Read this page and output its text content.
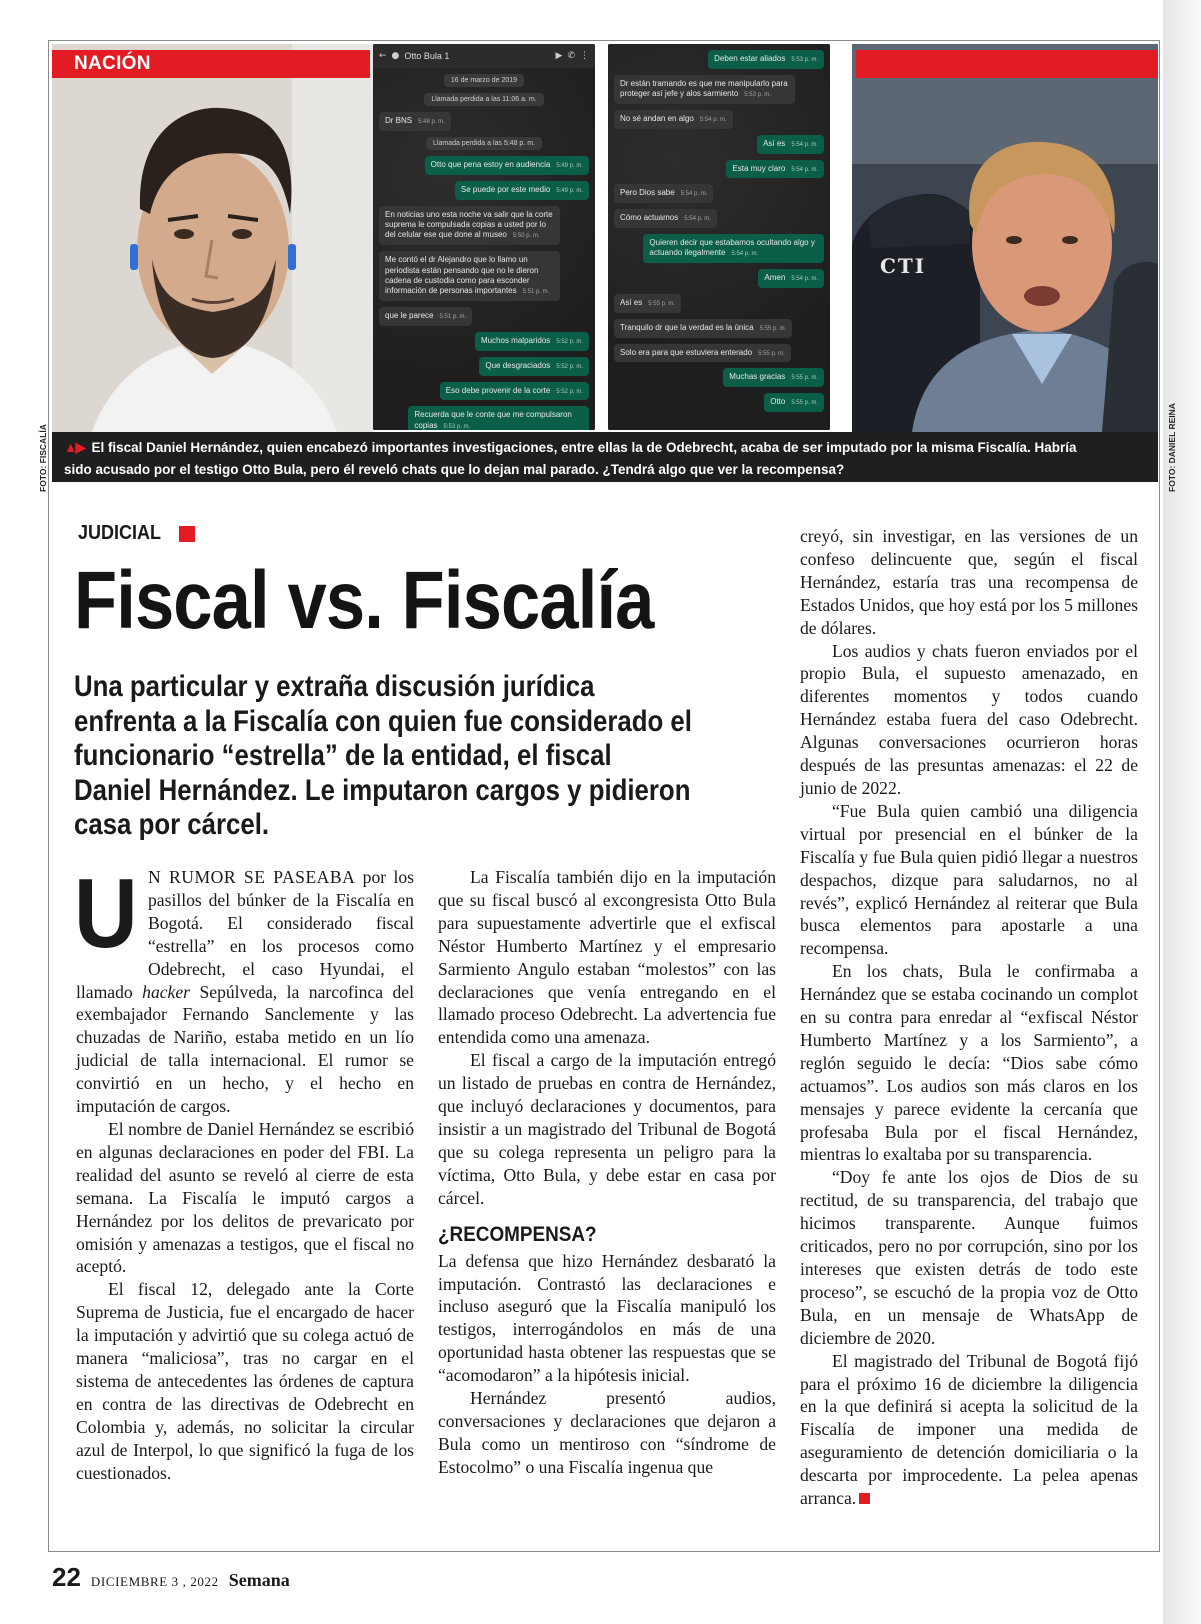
NACIÓN	← ● Otto Bula 1	▶ ✆ ⋮
16 de marzo de 2019
Llamada perdida a las 11:06 a. m.
Dr BNS 5:48 p. m.
Llamada perdida a las 5:48 p. m.
Otto que pena estoy en audiencia 5:49 p. m.
Se puede por este medio 5:49 p. m.
En noticias uno esta noche va salir que la corte suprema le compulsada copias a usted por lo del celular ese que done al museo 5:50 p. m.
Me contó el dr Alejandro que lo llamo un periodista están pensando que no le dieron cadena de custodia como para esconder información de personas importantes 5:51 p. m.
que le parece 5:51 p. m.
Muchos malparidos 5:52 p. m.
Que desgraciados 5:52 p. m.
Eso debe provenir de la corte 5:52 p. m.
Recuerda que le conte que me compulsaron copias 5:53 p. m.
Deben estar aliados 5:53 p. m.
Dr están tramando es que me manipularlo para proteger así jefe y alos sarmiento 5:53 p. m.
No sé andan en algo 5:54 p. m.
Así es 5:54 p. m.
Esta muy claro 5:54 p. m.
Pero Dios sabe 5:54 p. m.
Cómo actuamos 5:54 p. m.
Quieren decir que estabamos ocultando algo y actuando ilegalmente 5:54 p. m.
Amen 5:54 p. m.
Así es 5:55 p. m.
Tranquilo dr que la verdad es la única 5:55 p. m.
Solo era para que estuviera enterado 5:55 p. m.
Muchas gracias 5:55 p. m.
Otto 5:55 p. m.
CTI
▲▶ El fiscal Daniel Hernández, quien encabezó importantes investigaciones, entre ellas la de Odebrecht, acaba de ser imputado por la misma Fiscalía. Habría sido acusado por el testigo Otto Bula, pero él reveló chats que lo dejan mal parado. ¿Tendrá algo que ver la recompensa?
FOTO: FISCALÍA	FOTO: DANIEL REINA
JUDICIAL
Fiscal vs. Fiscalía
Una particular y extraña discusión jurídica enfrenta a la Fiscalía con quien fue considerado el funcionario “estrella” de la entidad, el fiscal Daniel Hernández. Le imputaron cargos y pidieron casa por cárcel.

U N RUMOR SE PASEABA por los pasillos del búnker de la Fiscalía en Bogotá. El considerado fiscal “estrella” en los procesos como Odebrecht, el caso Hyundai, el llamado hacker Sepúlveda, la narcofinca del exembajador Fernando Sanclemente y las chuzadas de Nariño, estaba metido en un lío judicial de talla internacional. El rumor se convirtió en un hecho, y el hecho en imputación de cargos.

El nombre de Daniel Hernández se escribió en algunas declaraciones en poder del FBI. La realidad del asunto se reveló al cierre de esta semana. La Fiscalía le imputó cargos a Hernández por los delitos de prevaricato por omisión y amenazas a testigos, que el fiscal no aceptó.

El fiscal 12, delegado ante la Corte Suprema de Justicia, fue el encargado de hacer la imputación y advirtió que su colega actuó de manera “maliciosa”, tras no cargar en el sistema de antecedentes las órdenes de captura en contra de las directivas de Odebrecht en Colombia y, además, no solicitar la circular azul de Interpol, lo que significó la fuga de los cuestionados.

La Fiscalía también dijo en la imputación que su fiscal buscó al excongresista Otto Bula para supuestamente advertirle que el exfiscal Néstor Humberto Martínez y el empresario Sarmiento Angulo estaban “molestos” con las declaraciones que venía entregando en el llamado proceso Odebrecht. La advertencia fue entendida como una amenaza.

El fiscal a cargo de la imputación entregó un listado de pruebas en contra de Hernández, que incluyó declaraciones y documentos, para insistir a un magistrado del Tribunal de Bogotá que su colega representa un peligro para la víctima, Otto Bula, y debe estar en casa por cárcel.

¿RECOMPENSA?

La defensa que hizo Hernández desbarató la imputación. Contrastó las declaraciones e incluso aseguró que la Fiscalía manipuló los testigos, interrogándolos en más de una oportunidad hasta obtener las respuestas que se “acomodaron” a la hipótesis inicial.

Hernández presentó audios, conversaciones y declaraciones que dejaron a Bula como un mentiroso con “síndrome de Estocolmo” o una Fiscalía ingenua que

creyó, sin investigar, en las versiones de un confeso delincuente que, según el fiscal Hernández, estaría tras una recompensa de Estados Unidos, que hoy está por los 5 millones de dólares.

Los audios y chats fueron enviados por el propio Bula, el supuesto amenazado, en diferentes momentos y todos cuando Hernández estaba fuera del caso Odebrecht. Algunas conversaciones ocurrieron horas después de las presuntas amenazas: el 22 de junio de 2022.

“Fue Bula quien cambió una diligencia virtual por presencial en el búnker de la Fiscalía y fue Bula quien pidió llegar a nuestros despachos, dizque para saludarnos, no al revés”, explicó Hernández al reiterar que Bula busca elementos para apostarle a una recompensa.

En los chats, Bula le confirmaba a Hernández que se estaba cocinando un complot en su contra para enredar al “exfiscal Néstor Humberto Martínez y a los Sarmiento”, a reglón seguido le decía: “Dios sabe cómo actuamos”. Los audios son más claros en los mensajes y parece evidente la cercanía que profesaba Bula por el fiscal Hernández, mientras lo exaltaba por su transparencia.

“Doy fe ante los ojos de Dios de su rectitud, de su transparencia, del trabajo que hicimos transparente. Aunque fuimos criticados, pero no por corrupción, sino por los intereses que existen detrás de todo este proceso”, se escuchó de la propia voz de Otto Bula, en un mensaje de WhatsApp de diciembre de 2020.

El magistrado del Tribunal de Bogotá fijó para el próximo 16 de diciembre la diligencia en la que definirá si acepta la solicitud de la Fiscalía de imponer una medida de aseguramiento de detención domiciliaria o la descarta por improcedente. La pelea apenas arranca.

22 DICIEMBRE 3 , 2022 Semana
